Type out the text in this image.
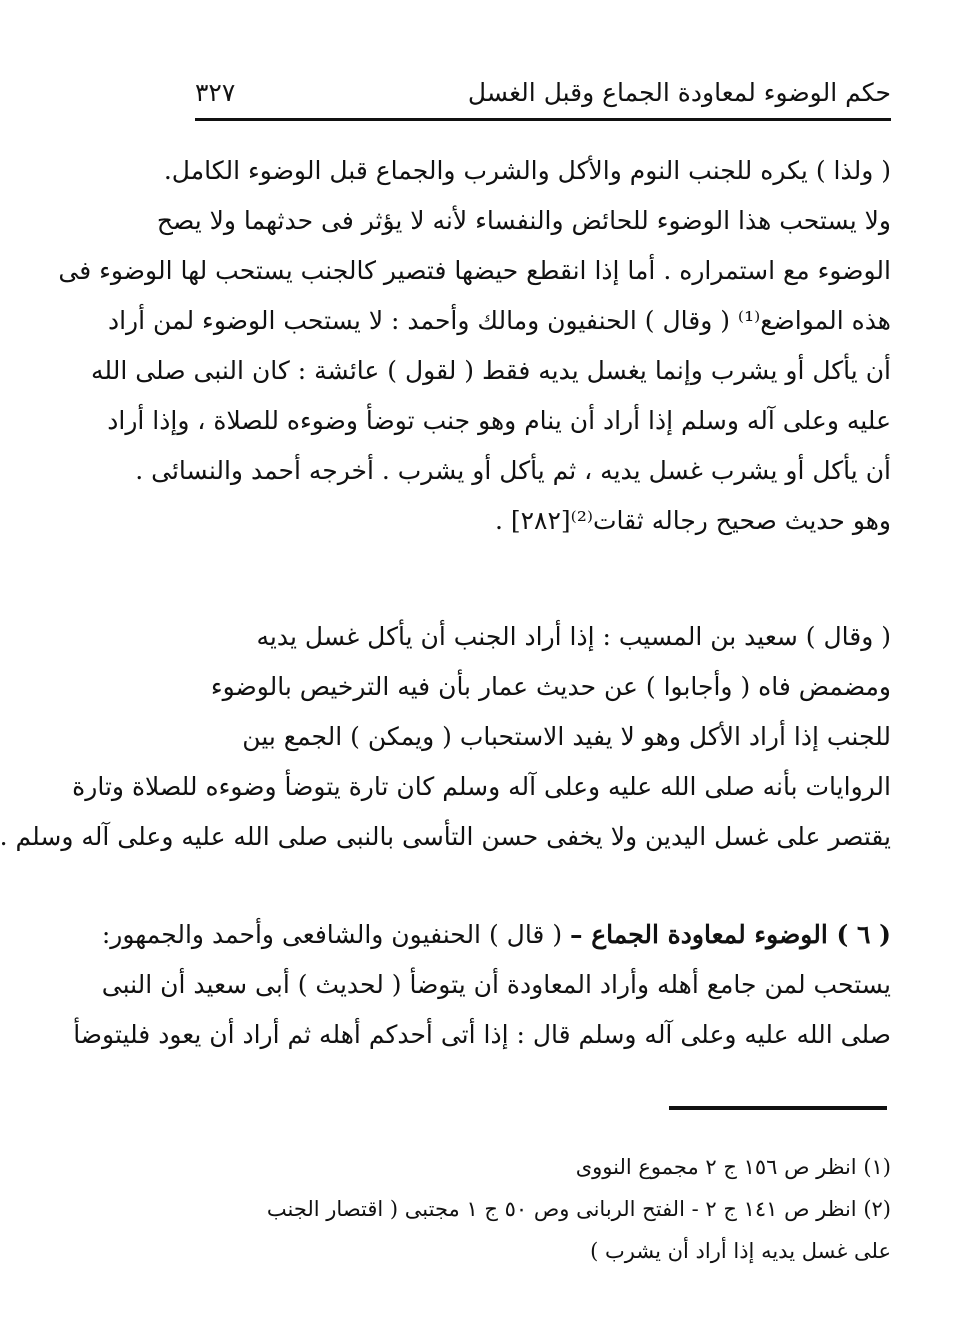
حكم الوضوء لمعاودة الجماع وقبل الغسل
٣٢٧
( ولذا ) يكره للجنب النوم والأكل والشرب والجماع قبل الوضوء الكامل.
ولا يستحب هذا الوضوء للحائض والنفساء لأنه لا يؤثر فى حدثهما ولا يصح
الوضوء مع استمراره . أما إذا انقطع حيضها فتصير كالجنب يستحب لها الوضوء فى
هذه المواضع⁽¹⁾ ( وقال ) الحنفيون ومالك وأحمد : لا يستحب الوضوء لمن أراد
أن يأكل أو يشرب وإنما يغسل يديه فقط ( لقول ) عائشة : كان النبى صلى الله
عليه وعلى آله وسلم إذا أراد أن ينام وهو جنب توضأ وضوءه للصلاة ، وإذا أراد
أن يأكل أو يشرب غسل يديه ، ثم يأكل أو يشرب . أخرجه أحمد والنسائى .
وهو حديث صحيح رجاله ثقات⁽²⁾[٢٨٢] .
( وقال ) سعيد بن المسيب : إذا أراد الجنب أن يأكل غسل يديه
ومضمض فاه ( وأجابوا ) عن حديث عمار بأن فيه الترخيص بالوضوء
للجنب إذا أراد الأكل وهو لا يفيد الاستحباب ( ويمكن ) الجمع بين
الروايات بأنه صلى الله عليه وعلى آله وسلم كان تارة يتوضأ وضوءه للصلاة وتارة
يقتصر على غسل اليدين ولا يخفى حسن التأسى بالنبى صلى الله عليه وعلى آله وسلم .
( ٦ ) الوضوء لمعاودة الجماع – ( قال ) الحنفيون والشافعى وأحمد والجمهور:
يستحب لمن جامع أهله وأراد المعاودة أن يتوضأ ( لحديث ) أبى سعيد أن النبى
صلى الله عليه وعلى آله وسلم قال : إذا أتى أحدكم أهله ثم أراد أن يعود فليتوضأ
(١) انظر ص ١٥٦ ج ٢ مجموع النووى
(٢) انظر ص ١٤١ ج ٢ - الفتح الربانى وص ٥٠ ج ١ مجتبى ( اقتصار الجنب
على غسل يديه إذا أراد أن يشرب )
